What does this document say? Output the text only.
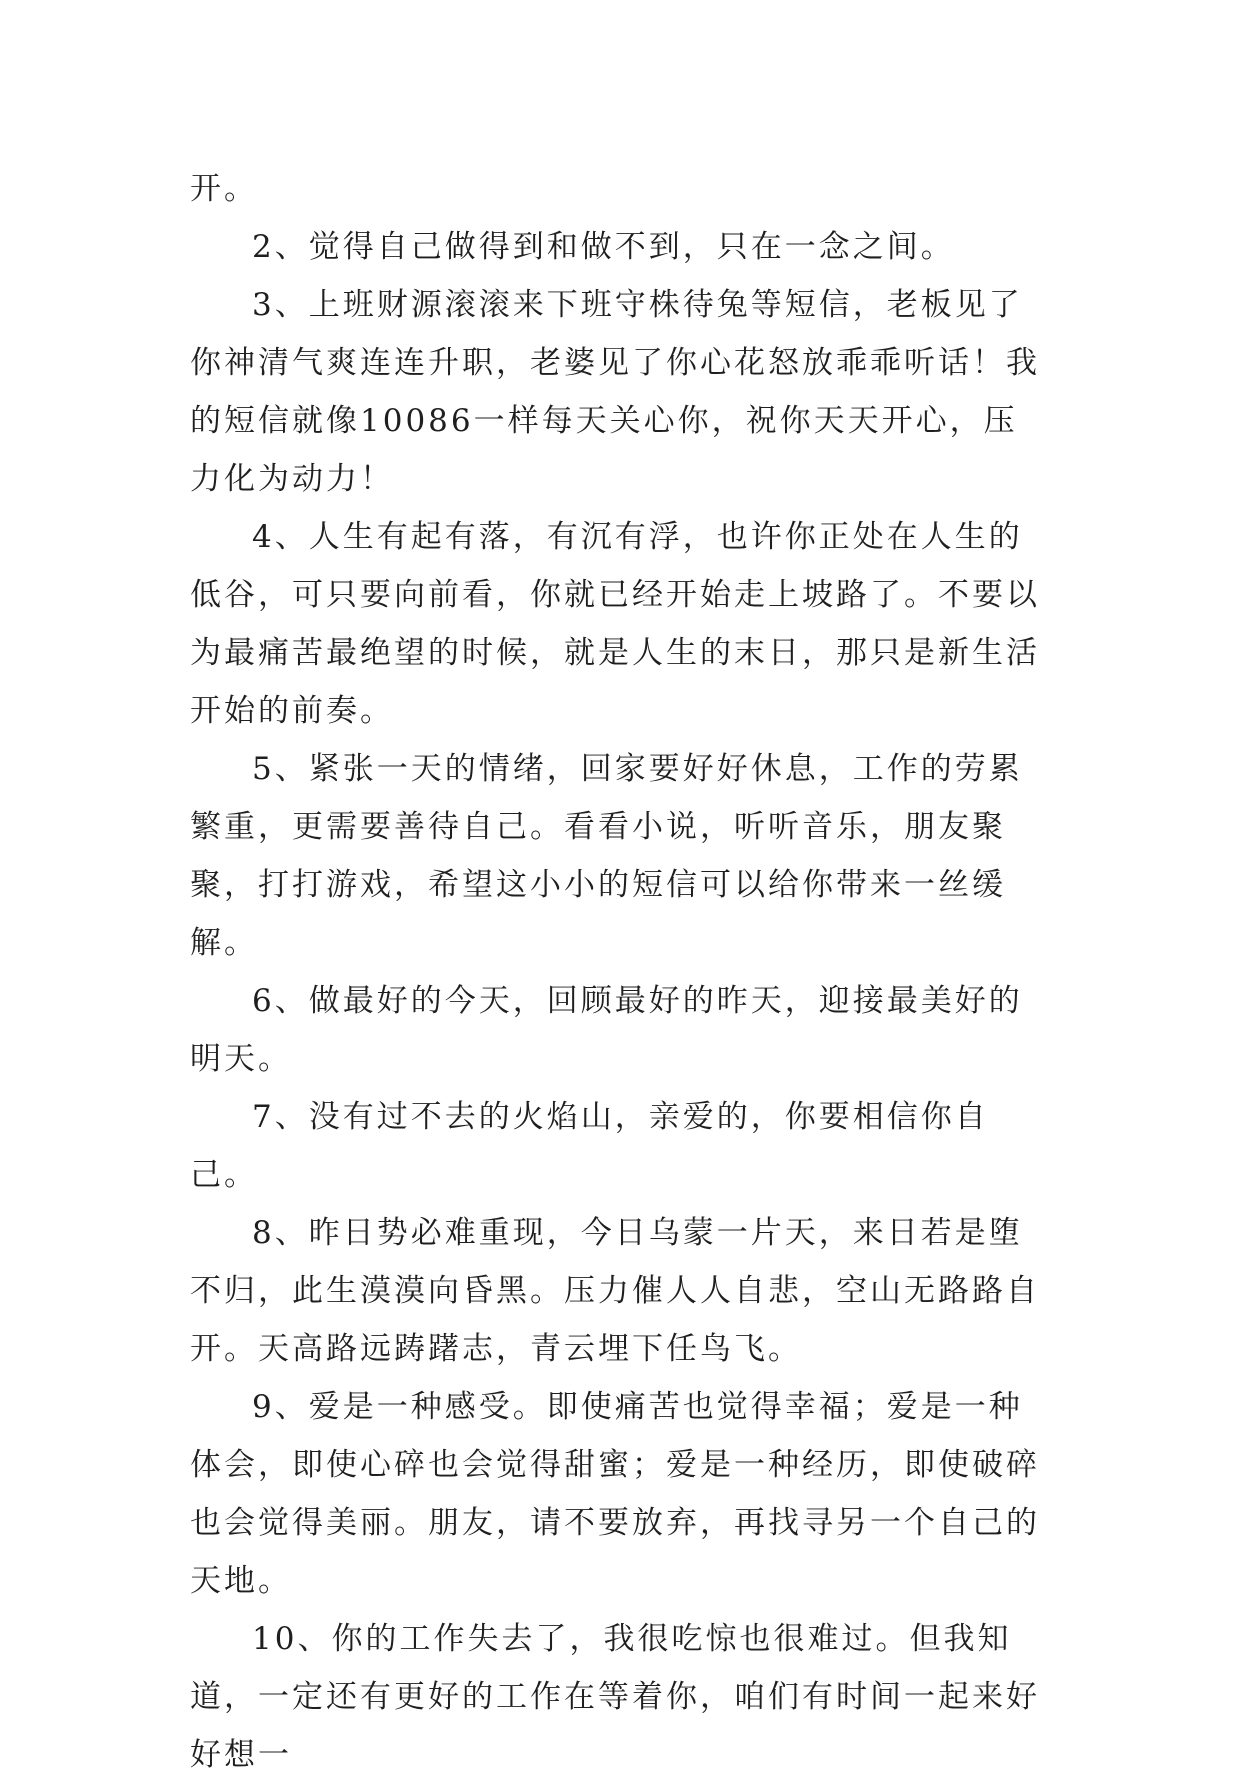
开。

2、觉得自己做得到和做不到，只在一念之间。

3、上班财源滚滚来下班守株待兔等短信，老板见了你神清气爽连连升职，老婆见了你心花怒放乖乖听话！我的短信就像10086一样每天关心你，祝你天天开心，压力化为动力！

4、人生有起有落，有沉有浮，也许你正处在人生的低谷，可只要向前看，你就已经开始走上坡路了。不要以为最痛苦最绝望的时候，就是人生的末日，那只是新生活开始的前奏。

5、紧张一天的情绪，回家要好好休息，工作的劳累繁重，更需要善待自己。看看小说，听听音乐，朋友聚聚，打打游戏，希望这小小的短信可以给你带来一丝缓解。

6、做最好的今天，回顾最好的昨天，迎接最美好的明天。

7、没有过不去的火焰山，亲爱的，你要相信你自己。

8、昨日势必难重现，今日乌蒙一片天，来日若是堕不归，此生漠漠向昏黑。压力催人人自悲，空山无路路自开。天高路远踌躇志，青云埋下任鸟飞。

9、爱是一种感受。即使痛苦也觉得幸福；爱是一种体会，即使心碎也会觉得甜蜜；爱是一种经历，即使破碎也会觉得美丽。朋友，请不要放弃，再找寻另一个自己的天地。

10、你的工作失去了，我很吃惊也很难过。但我知道，一定还有更好的工作在等着你，咱们有时间一起来好好想一
